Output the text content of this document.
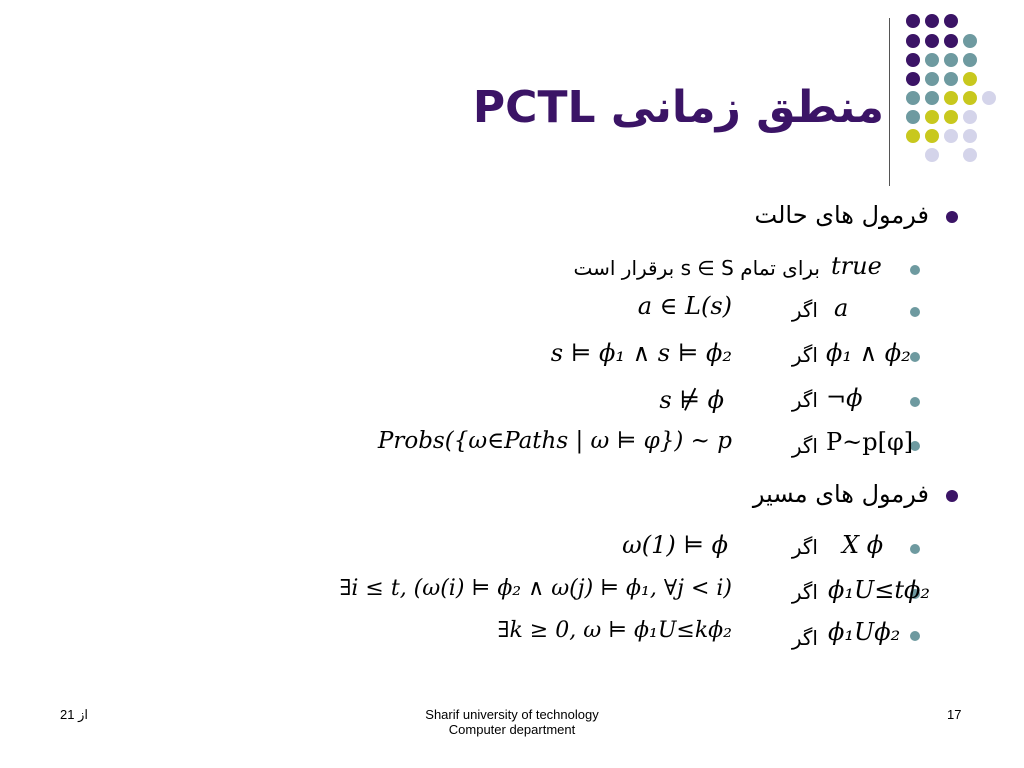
منطق زمانی PCTL
فرمول های حالت
true
برای تمام s ∈ S برقرار است
a
اگر
a ∈ L(s)
ϕ₁ ∧ ϕ₂
اگر
s ⊨ ϕ₁ ∧ s ⊨ ϕ₂
¬ϕ
اگر
s ⊭ ϕ
P~p[φ]
اگر
Probs({ω∈Paths | ω ⊨ φ}) ~ p
فرمول های مسیر
X ϕ
اگر
ω(1) ⊨ ϕ
ϕ₁U≤tϕ₂
اگر
∃i ≤ t, (ω(i) ⊨ ϕ₂ ∧ ω(j) ⊨ ϕ₁, ∀j < i)
ϕ₁Uϕ₂
اگر
∃k ≥ 0, ω ⊨ ϕ₁U≤kϕ₂
از 21	Sharif university of technology
Computer department
17
